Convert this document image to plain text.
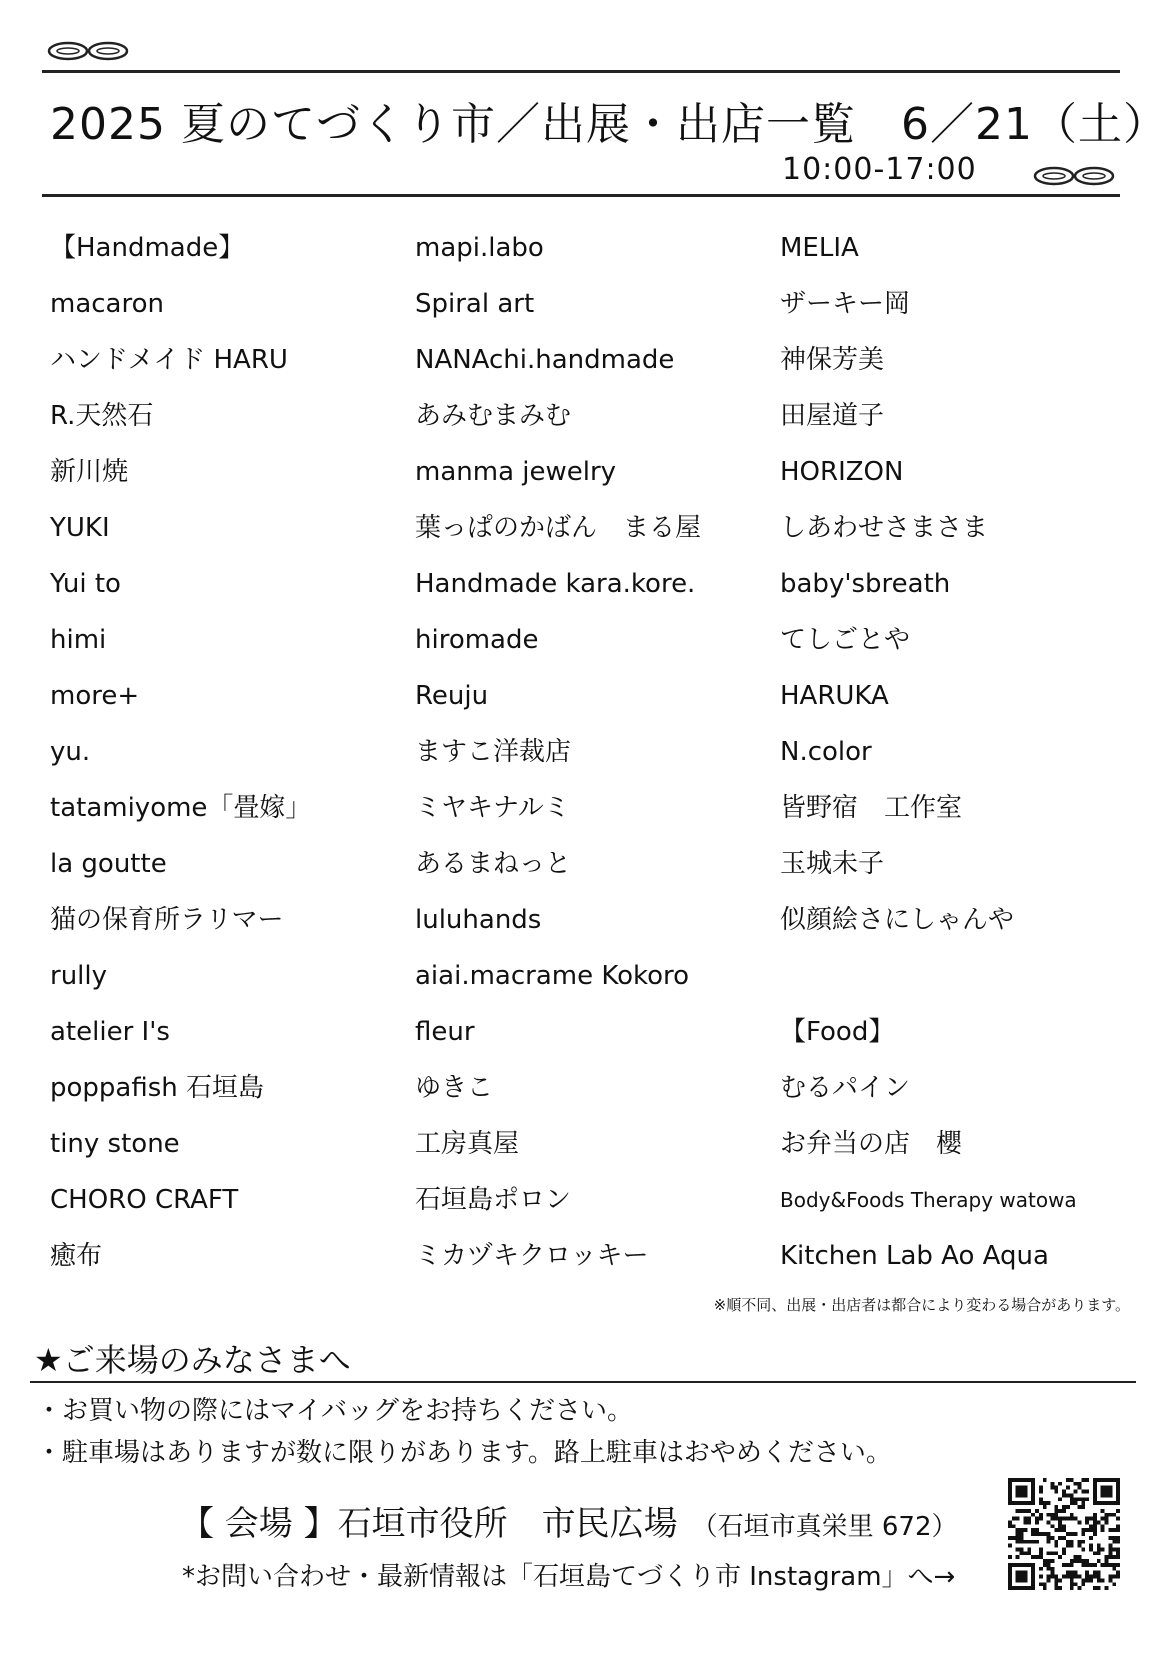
2025 夏のてづくり市／出展・出店一覧　6／21（土）
10:00-17:00
【Handmade】
macaron
ハンドメイド HARU
R.天然石
新川焼
YUKI
Yui to
himi
more+
yu.
tatamiyome「畳嫁」
la goutte
猫の保育所ラリマー
rully
atelier I's
poppafish 石垣島
tiny stone
CHORO CRAFT
癒布
mapi.labo
Spiral art
NANAchi.handmade
あみむまみむ
manma jewelry
葉っぱのかばん　まる屋
Handmade kara.kore.
hiromade
Reuju
ますこ洋裁店
ミヤキナルミ
あるまねっと
luluhands
aiai.macrame Kokoro
fleur
ゆきこ
工房真屋
石垣島ポロン
ミカヅキクロッキー
MELIA
ザーキー岡
神保芳美
田屋道子
HORIZON
しあわせさまさま
baby'sbreath
てしごとや
HARUKA
N.color
皆野宿　工作室
玉城未子
似顔絵さにしゃんや
【Food】
むるパイン
お弁当の店　櫻
Body&Foods Therapy watowa
Kitchen Lab Ao Aqua
※順不同、出展・出店者は都合により変わる場合があります。
★ご来場のみなさまへ
・お買い物の際にはマイバッグをお持ちください。
・駐車場はありますが数に限りがあります。路上駐車はおやめください。
【 会場 】石垣市役所　市民広場 （石垣市真栄里 672）
*お問い合わせ・最新情報は「石垣島てづくり市 Instagram」へ→
